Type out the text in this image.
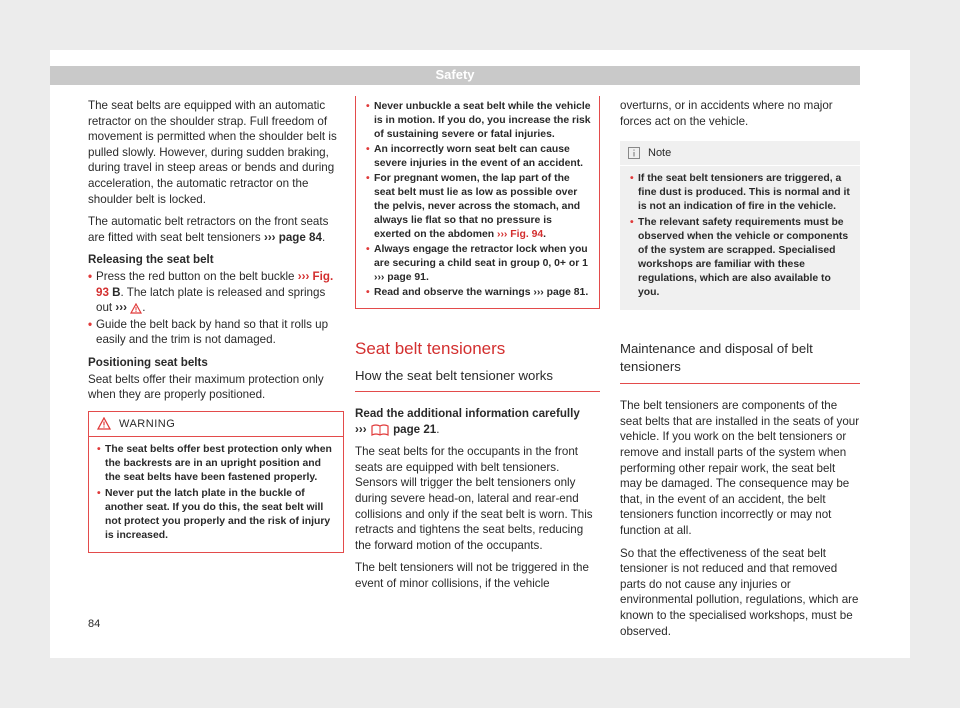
Safety

The seat belts are equipped with an automatic retractor on the shoulder strap. Full freedom of movement is permitted when the shoulder belt is pulled slowly. However, during sudden braking, during travel in steep areas or bends and during acceleration, the automatic retractor on the shoulder belt is locked.

The automatic belt retractors on the front seats are fitted with seat belt tensioners ››› page 84.

Releasing the seat belt
• Press the red button on the belt buckle ››› Fig. 93 B. The latch plate is released and springs out ››› .
• Guide the belt back by hand so that it rolls up easily and the trim is not damaged.
Positioning seat belts

Seat belts offer their maximum protection only when they are properly positioned.

WARNING
• The seat belts offer best protection only when the backrests are in an upright position and the seat belts have been fastened properly.
• Never put the latch plate in the buckle of another seat. If you do this, the seat belt will not protect you properly and the risk of injury is increased.
• Never unbuckle a seat belt while the vehicle is in motion. If you do, you increase the risk of sustaining severe or fatal injuries.
• An incorrectly worn seat belt can cause severe injuries in the event of an accident.
• For pregnant women, the lap part of the seat belt must lie as low as possible over the pelvis, never across the stomach, and always lie flat so that no pressure is exerted on the abdomen ››› Fig. 94.
• Always engage the retractor lock when you are securing a child seat in group 0, 0+ or 1 ››› page 91.
• Read and observe the warnings ››› page 81.
Seat belt tensioners
How the seat belt tensioner works

Read the additional information carefully
››› page 21.

The seat belts for the occupants in the front seats are equipped with belt tensioners. Sensors will trigger the belt tensioners only during severe head-on, lateral and rear-end collisions and only if the seat belt is worn. This retracts and tightens the seat belts, reducing the forward motion of the occupants.

The belt tensioners will not be triggered in the event of minor collisions, if the vehicle

overturns, or in accidents where no major forces act on the vehicle.

Note
• If the seat belt tensioners are triggered, a fine dust is produced. This is normal and it is not an indication of fire in the vehicle.
• The relevant safety requirements must be observed when the vehicle or components of the system are scrapped. Specialised workshops are familiar with these regulations, which are also available to you.
Maintenance and disposal of belt tensioners

The belt tensioners are components of the seat belts that are installed in the seats of your vehicle. If you work on the belt tensioners or remove and install parts of the system when performing other repair work, the seat belt may be damaged. The consequence may be that, in the event of an accident, the belt tensioners function incorrectly or may not function at all.

So that the effectiveness of the seat belt tensioner is not reduced and that removed parts do not cause any injuries or environmental pollution, regulations, which are known to the specialised workshops, must be observed.

84
